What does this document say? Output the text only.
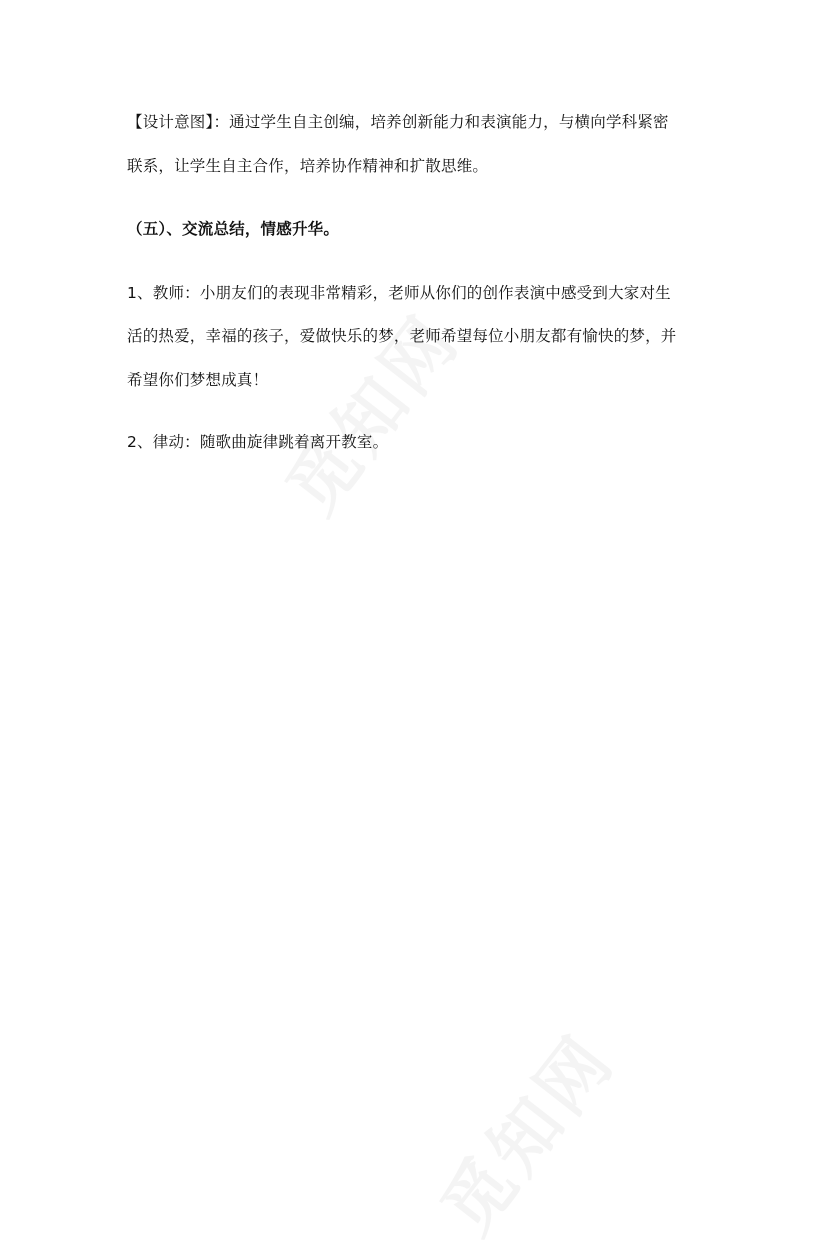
【设计意图】：通过学生自主创编，培养创新能力和表演能力，与横向学科紧密
联系，让学生自主合作，培养协作精神和扩散思维。
（五）、交流总结，情感升华。
1、教师：小朋友们的表现非常精彩，老师从你们的创作表演中感受到大家对生
活的热爱，幸福的孩子，爱做快乐的梦，老师希望每位小朋友都有愉快的梦，并
希望你们梦想成真！
2、律动：随歌曲旋律跳着离开教室。
